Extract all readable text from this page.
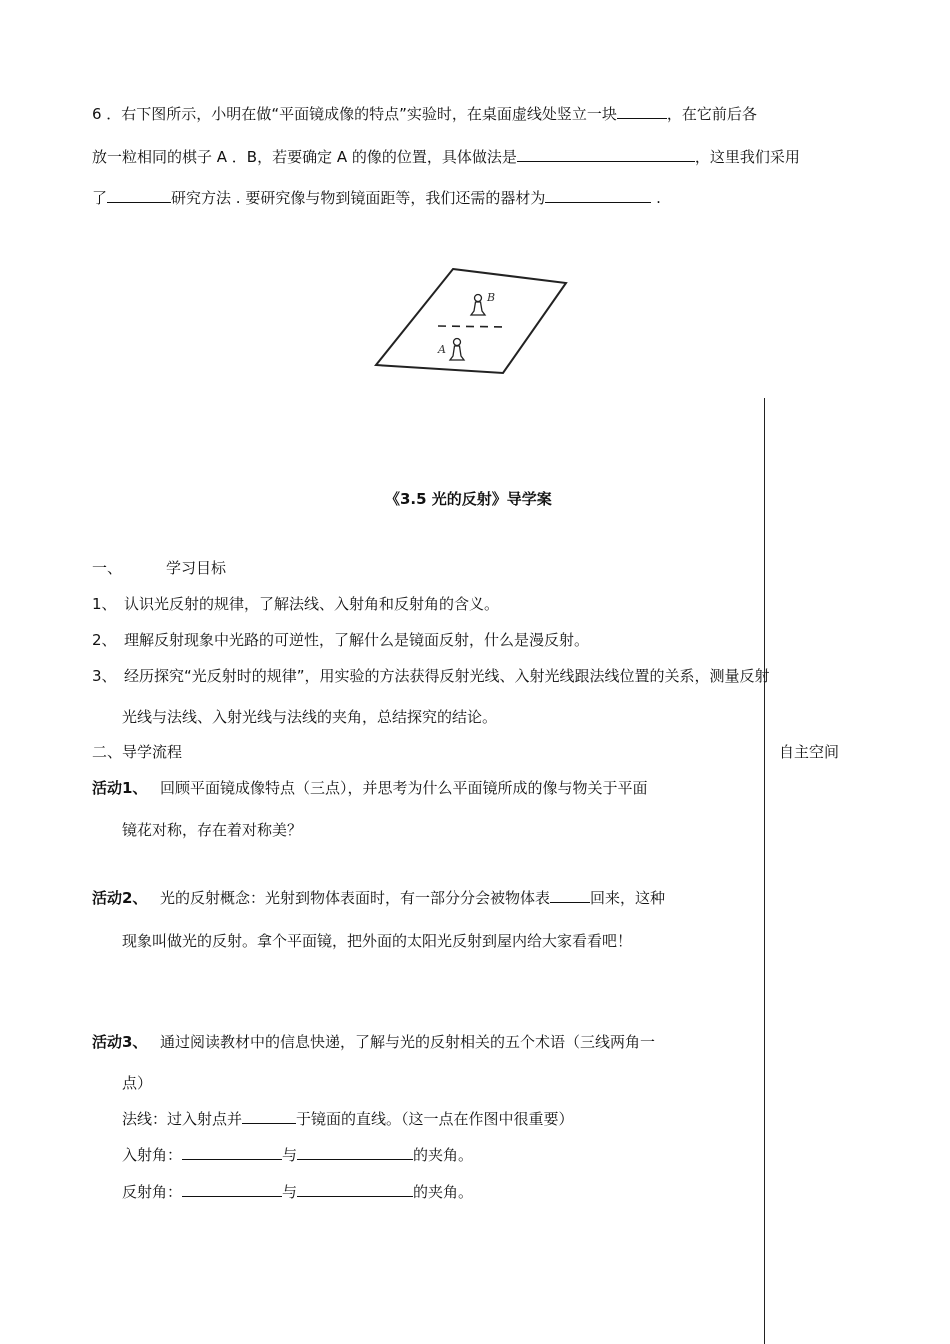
6 ．右下图所示，小明在做“平面镜成像的特点”实验时，在桌面虚线处竖立一块	，在它前后各
放一粒相同的棋子 A ．B，若要确定 A 的像的位置，具体做法是	，这里我们采用
了	研究方法 . 要研究像与物到镜面距等，我们还需的器材为	.
B
A
《3.5 光的反射》导学案
一、	学习目标
1、 认识光反射的规律，了解法线、入射角和反射角的含义。
2、 理解反射现象中光路的可逆性，了解什么是镜面反射，什么是漫反射。
3、 经历探究“光反射时的规律”，用实验的方法获得反射光线、入射光线跟法线位置的关系，测量反射
光线与法线、入射光线与法线的夹角，总结探究的结论。
二、导学流程	自主空间
活动1、 回顾平面镜成像特点（三点），并思考为什么平面镜所成的像与物关于平面
镜花对称，存在着对称美？
活动2、 光的反射概念：光射到物体表面时，有一部分分会被物体表	回来，这种
现象叫做光的反射。拿个平面镜，把外面的太阳光反射到屋内给大家看看吧！
活动3、 通过阅读教材中的信息快递，了解与光的反射相关的五个术语（三线两角一
点）
法线：过入射点并	于镜面的直线。（这一点在作图中很重要）
入射角：	与	的夹角。
反射角：	与	的夹角。
